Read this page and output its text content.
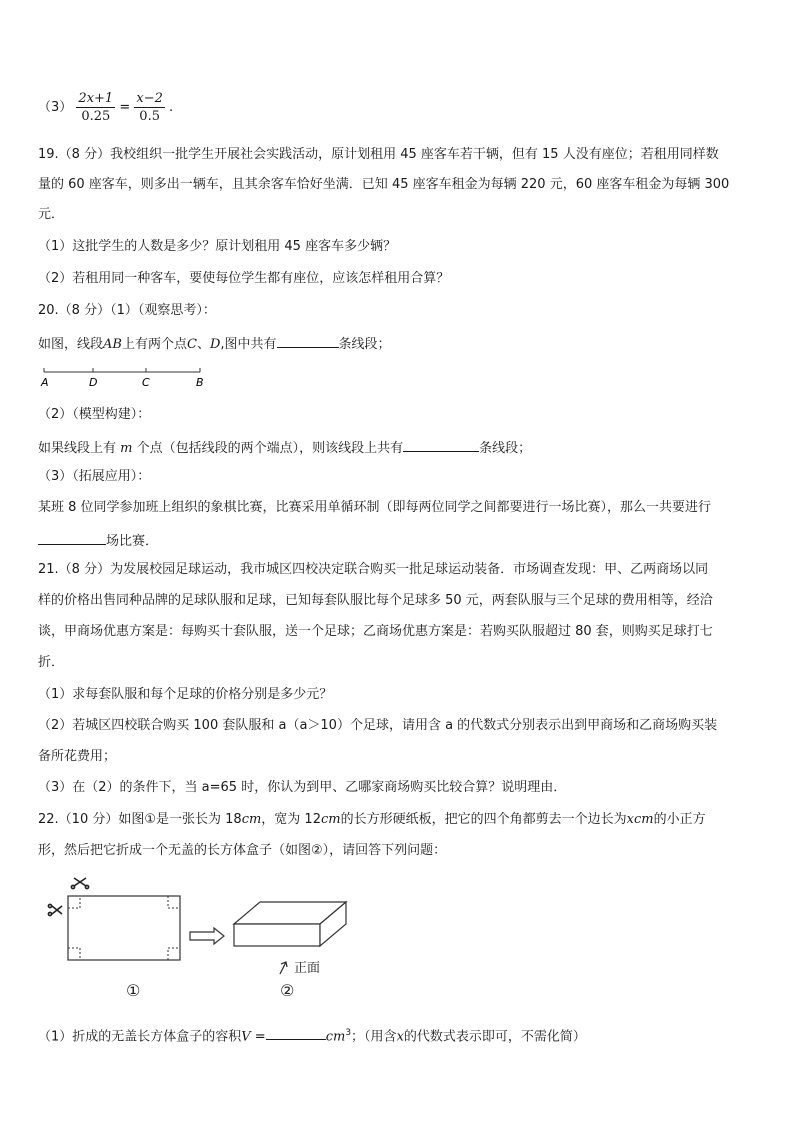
$(3) \frac{2x+1}{0.25} = \frac{x-2}{0.5}$ .
19.（8 分）我校组织一批学生开展社会实践活动，原计划租用 45 座客车若干辆，但有 15 人没有座位；若租用同样数
量的 60 座客车，则多出一辆车，且其余客车恰好坐满．已知 45 座客车租金为每辆 220 元，60 座客车租金为每辆 300
元．
（1）这批学生的人数是多少？原计划租用 45 座客车多少辆？
（2）若租用同一种客车，要使每位学生都有座位，应该怎样租用合算？
20.（8 分）（1）（观察思考）：
如图，线段AB上有两个点C、D,图中共有	条线段；
A	D	C	B
（2）（模型构建）：
如果线段上有 m 个点（包括线段的两个端点），则该线段上共有	条线段；
（3）（拓展应用）：
某班 8 位同学参加班上组织的象棋比赛，比赛采用单循环制（即每两位同学之间都要进行一场比赛），那么一共要进行
场比赛．
21.（8 分）为发展校园足球运动，我市城区四校决定联合购买一批足球运动装备．市场调查发现：甲、乙两商场以同
样的价格出售同种品牌的足球队服和足球，已知每套队服比每个足球多 50 元，两套队服与三个足球的费用相等，经洽
谈，甲商场优惠方案是：每购买十套队服，送一个足球；乙商场优惠方案是：若购买队服超过 80 套，则购买足球打七
折．
（1）求每套队服和每个足球的价格分别是多少元？
（2）若城区四校联合购买 100 套队服和 a（a＞10）个足球，请用含 a 的代数式分别表示出到甲商场和乙商场购买装
备所花费用；
（3）在（2）的条件下，当 a=65 时，你认为到甲、乙哪家商场购买比较合算？说明理由．
22.（10 分）如图①是一张长为 18cm，宽为 12cm的长方形硬纸板，把它的四个角都剪去一个边长为xcm的小正方
形，然后把它折成一个无盖的长方体盒子（如图②），请回答下列问题：
正面
①	②
（1）折成的无盖长方体盒子的容积V =	$cm^3$；（用含x的代数式表示即可，不需化简）
